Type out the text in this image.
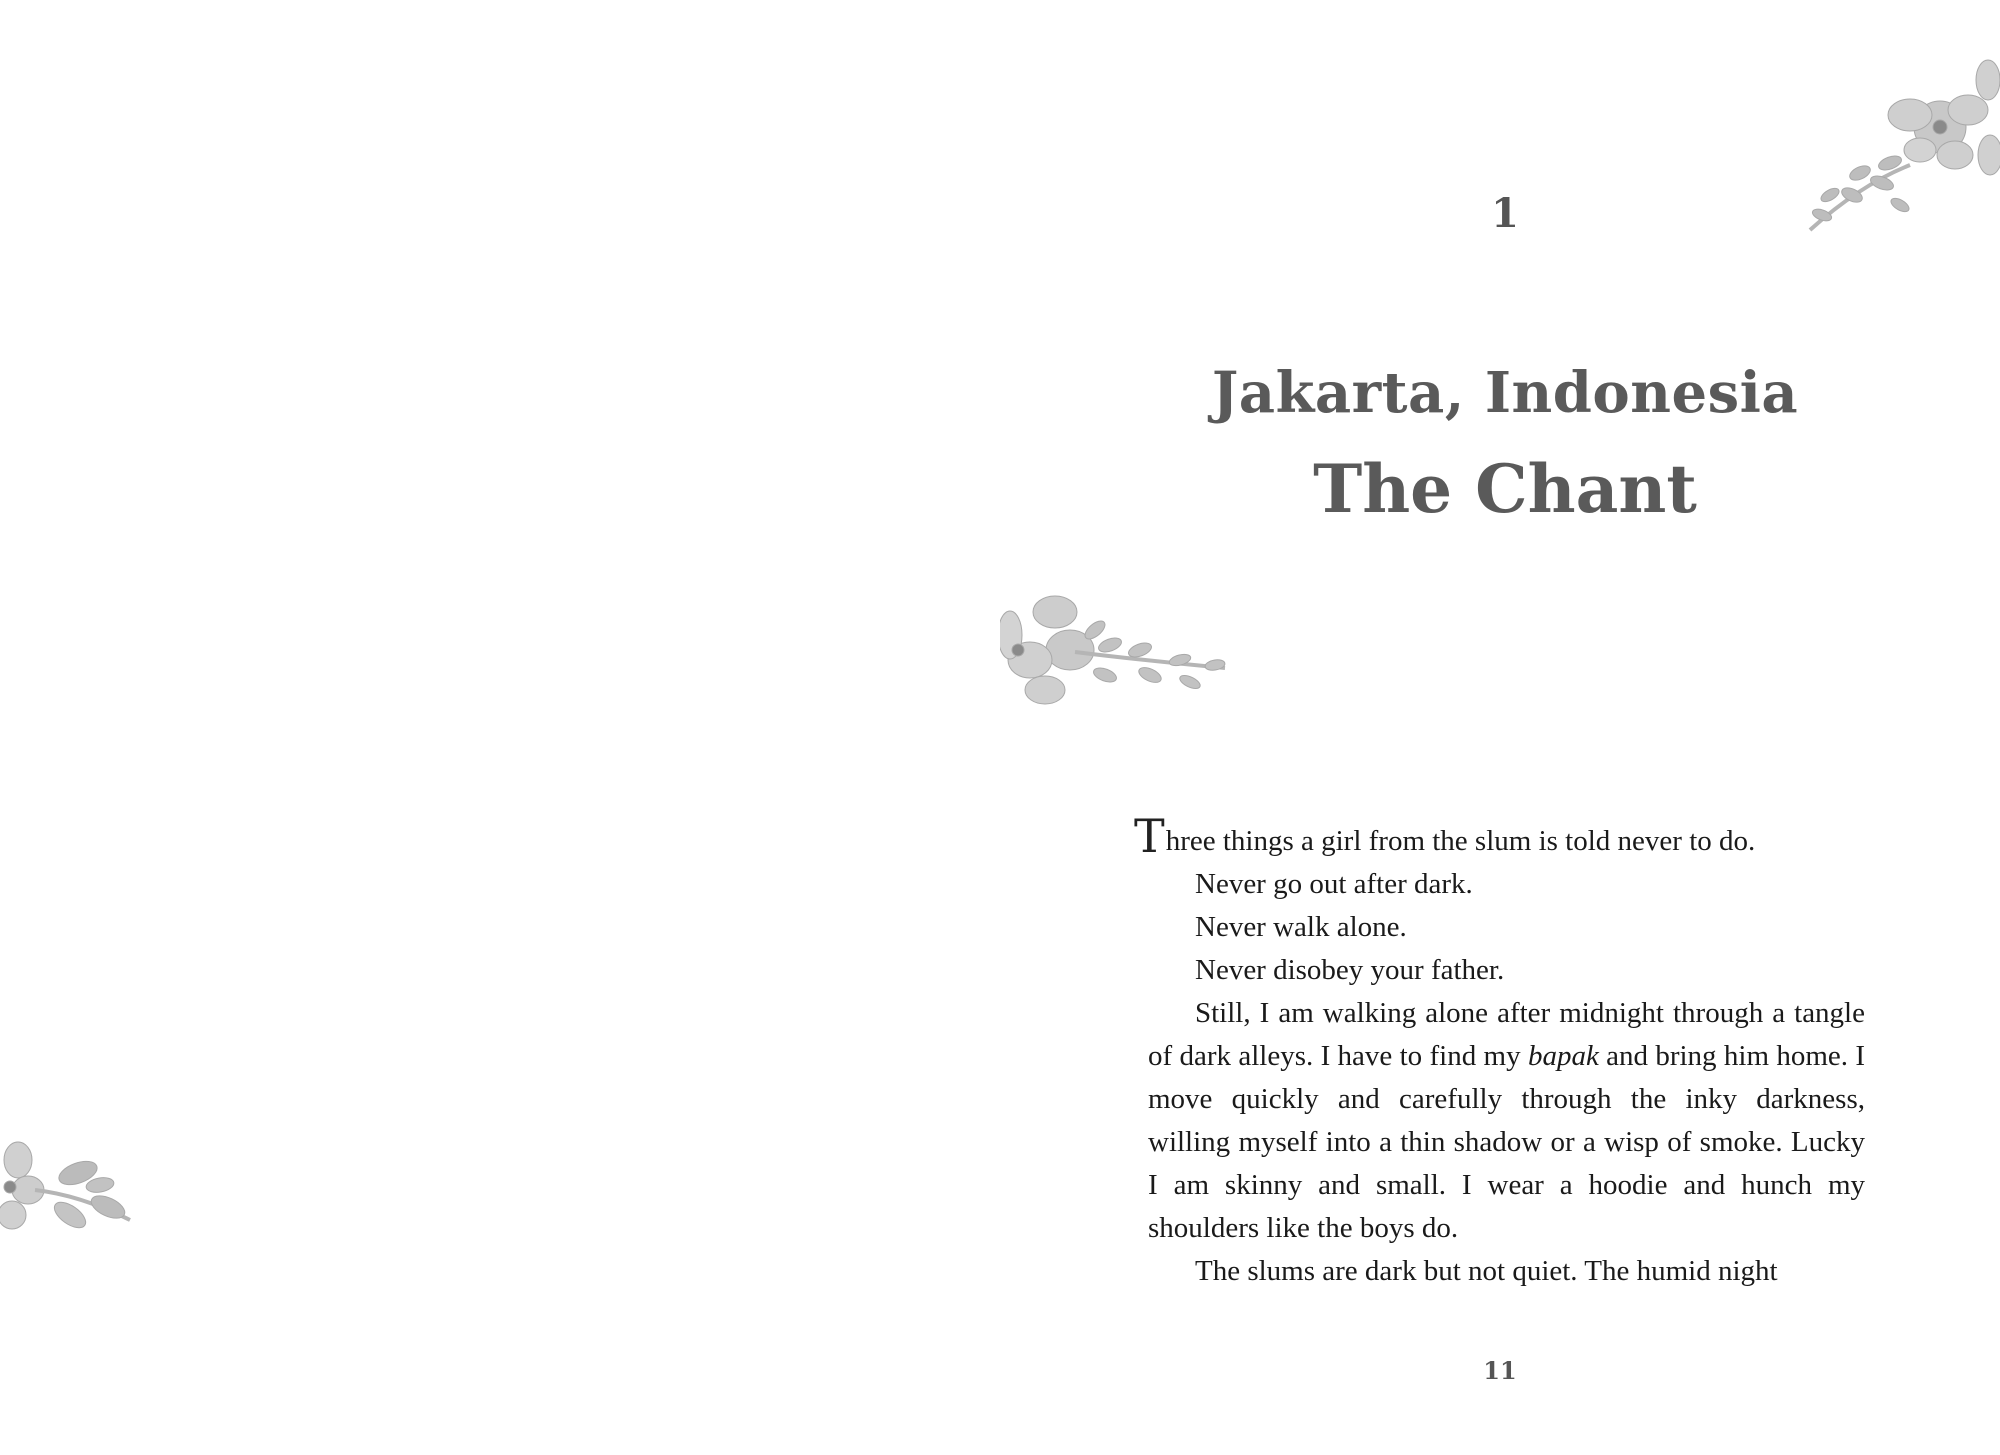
1
Jakarta, Indonesia
The Chant

Three things a girl from the slum is told never to do.

Never go out after dark.

Never walk alone.

Never disobey your father.

Still, I am walking alone after midnight through a tangle of dark alleys. I have to find my bapak and bring him home. I move quickly and carefully through the inky darkness, willing myself into a thin shadow or a wisp of smoke. Lucky I am skinny and small. I wear a hoodie and hunch my shoulders like the boys do.

The slums are dark but not quiet. The humid night

11
